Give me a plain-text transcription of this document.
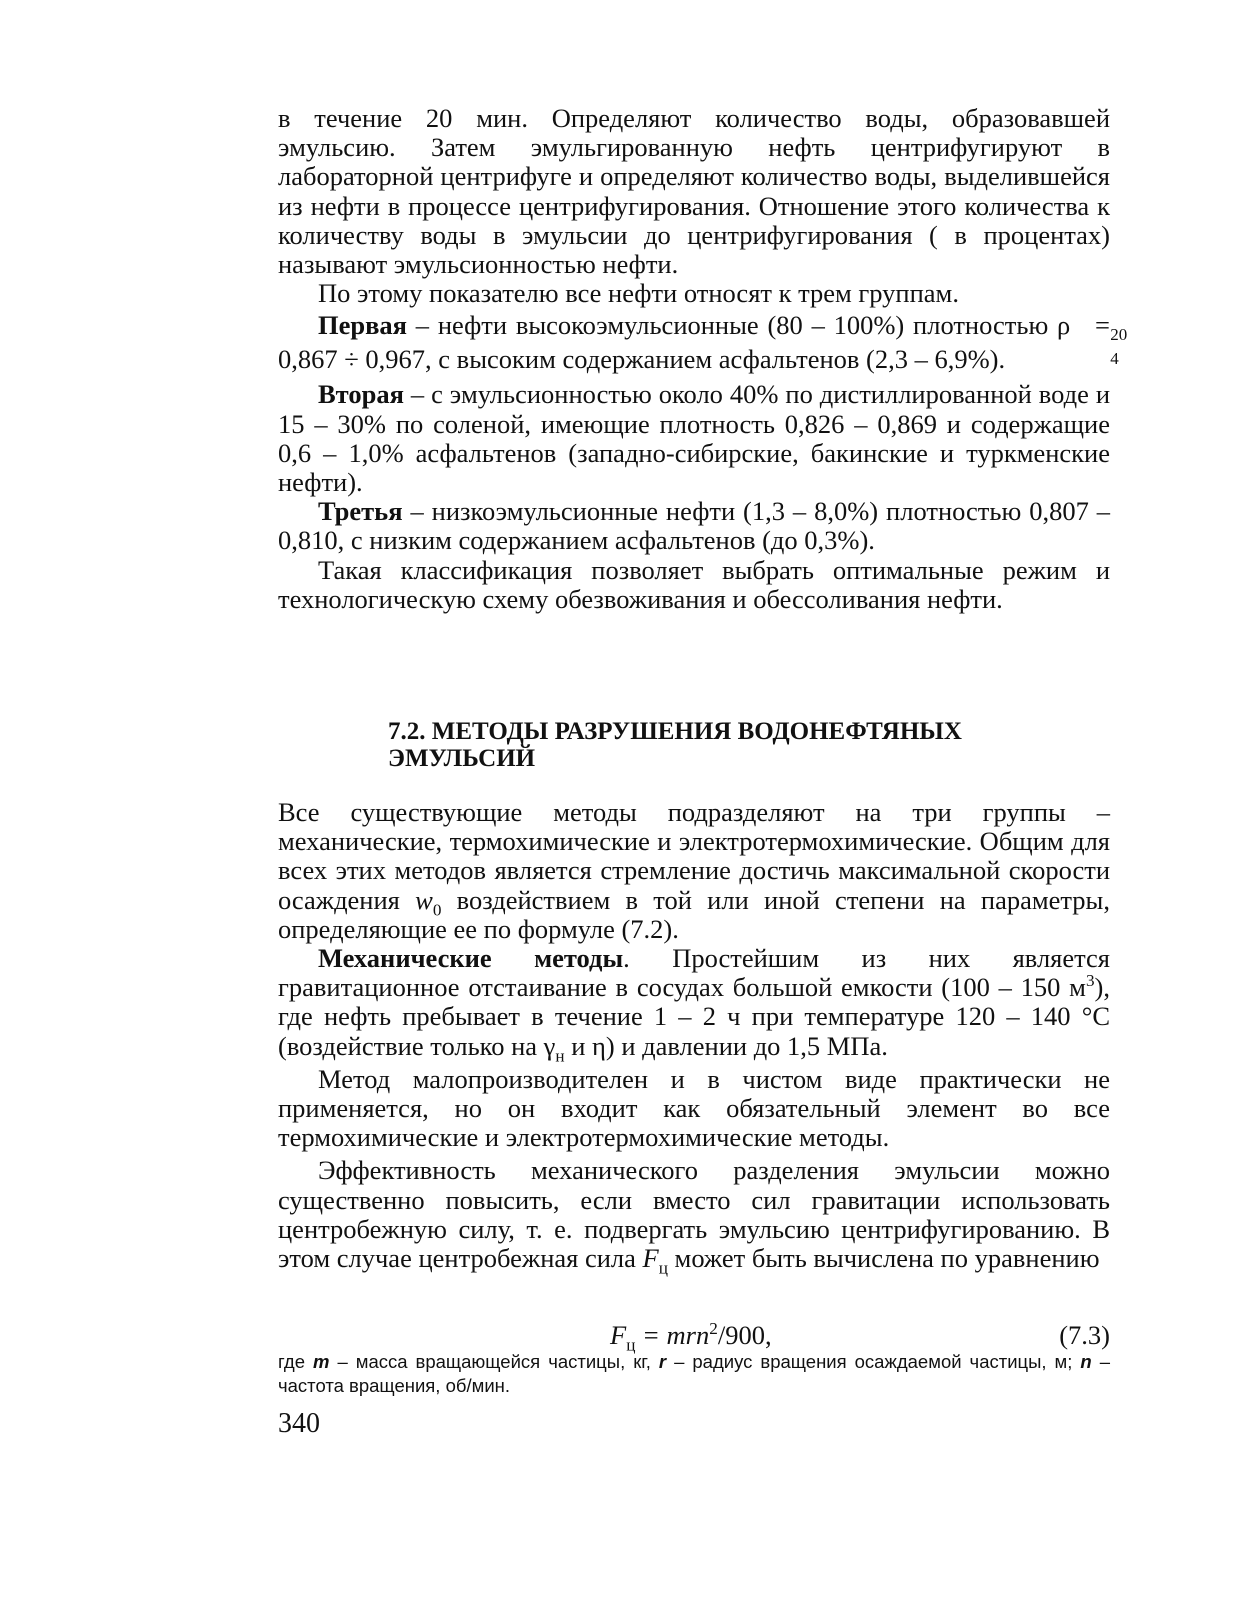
в течение 20 мин. Определяют количество воды, образовавшей эмульсию. Затем эмульгированную нефть центрифугируют в лабораторной центрифуге и определяют количество воды, выделившейся из нефти в процессе центрифугирования. Отношение этого количества к количеству воды в эмульсии до центрифугирования ( в процентах) называют эмульсионностью нефти.

По этому показателю все нефти относят к трем группам.

Первая – нефти высокоэмульсионные (80 – 100%) плотностью ρ	20
4
= 0,867 ÷ 0,967, с высоким содержанием асфальтенов (2,3 – 6,9%).

Вторая – с эмульсионностью около 40% по дистиллированной воде и 15 – 30% по соленой, имеющие плотность 0,826 – 0,869 и содержащие 0,6 – 1,0% асфальтенов (западно-сибирские, бакинские и туркменские нефти).

Третья – низкоэмульсионные нефти (1,3 – 8,0%) плотностью 0,807 – 0,810, с низким содержанием асфальтенов (до 0,3%).

Такая классификация позволяет выбрать оптимальные режим и технологическую схему обезвоживания и обессоливания нефти.

7.2. МЕТОДЫ РАЗРУШЕНИЯ ВОДОНЕФТЯНЫХ
ЭМУЛЬСИЙ

Все существующие методы подразделяют на три группы – механические, термохимические и электротермохимические. Общим для всех этих методов является стремление достичь максимальной скорости осаждения $w_0$ воздействием в той или иной степени на параметры, определяющие ее по формуле (7.2).

Механические методы. Простейшим из них является гравитационное отстаивание в сосудах большой емкости (100 – 150 $м^3$), где нефть пребывает в течение 1 – 2 ч при температуре 120 – 140 °С (воздействие только на $\gamma_н$ и η) и давлении до 1,5 МПа.

Метод малопроизводителен и в чистом виде практически не применяется, но он входит как обязательный элемент во все термохимические и электротермохимические методы.

Эффективность механического разделения эмульсии можно существенно повысить, если вместо сил гравитации использовать центробежную силу, т. е. подвергать эмульсию центрифугированию. В этом случае центробежная сила $F_ц$ может быть вычислена по уравнению

$F_ц = mrn^2/900$,	(7.3)

где m – масса вращающейся частицы, кг, r – радиус вращения осаждаемой частицы, м; n – частота вращения, об/мин.

340
